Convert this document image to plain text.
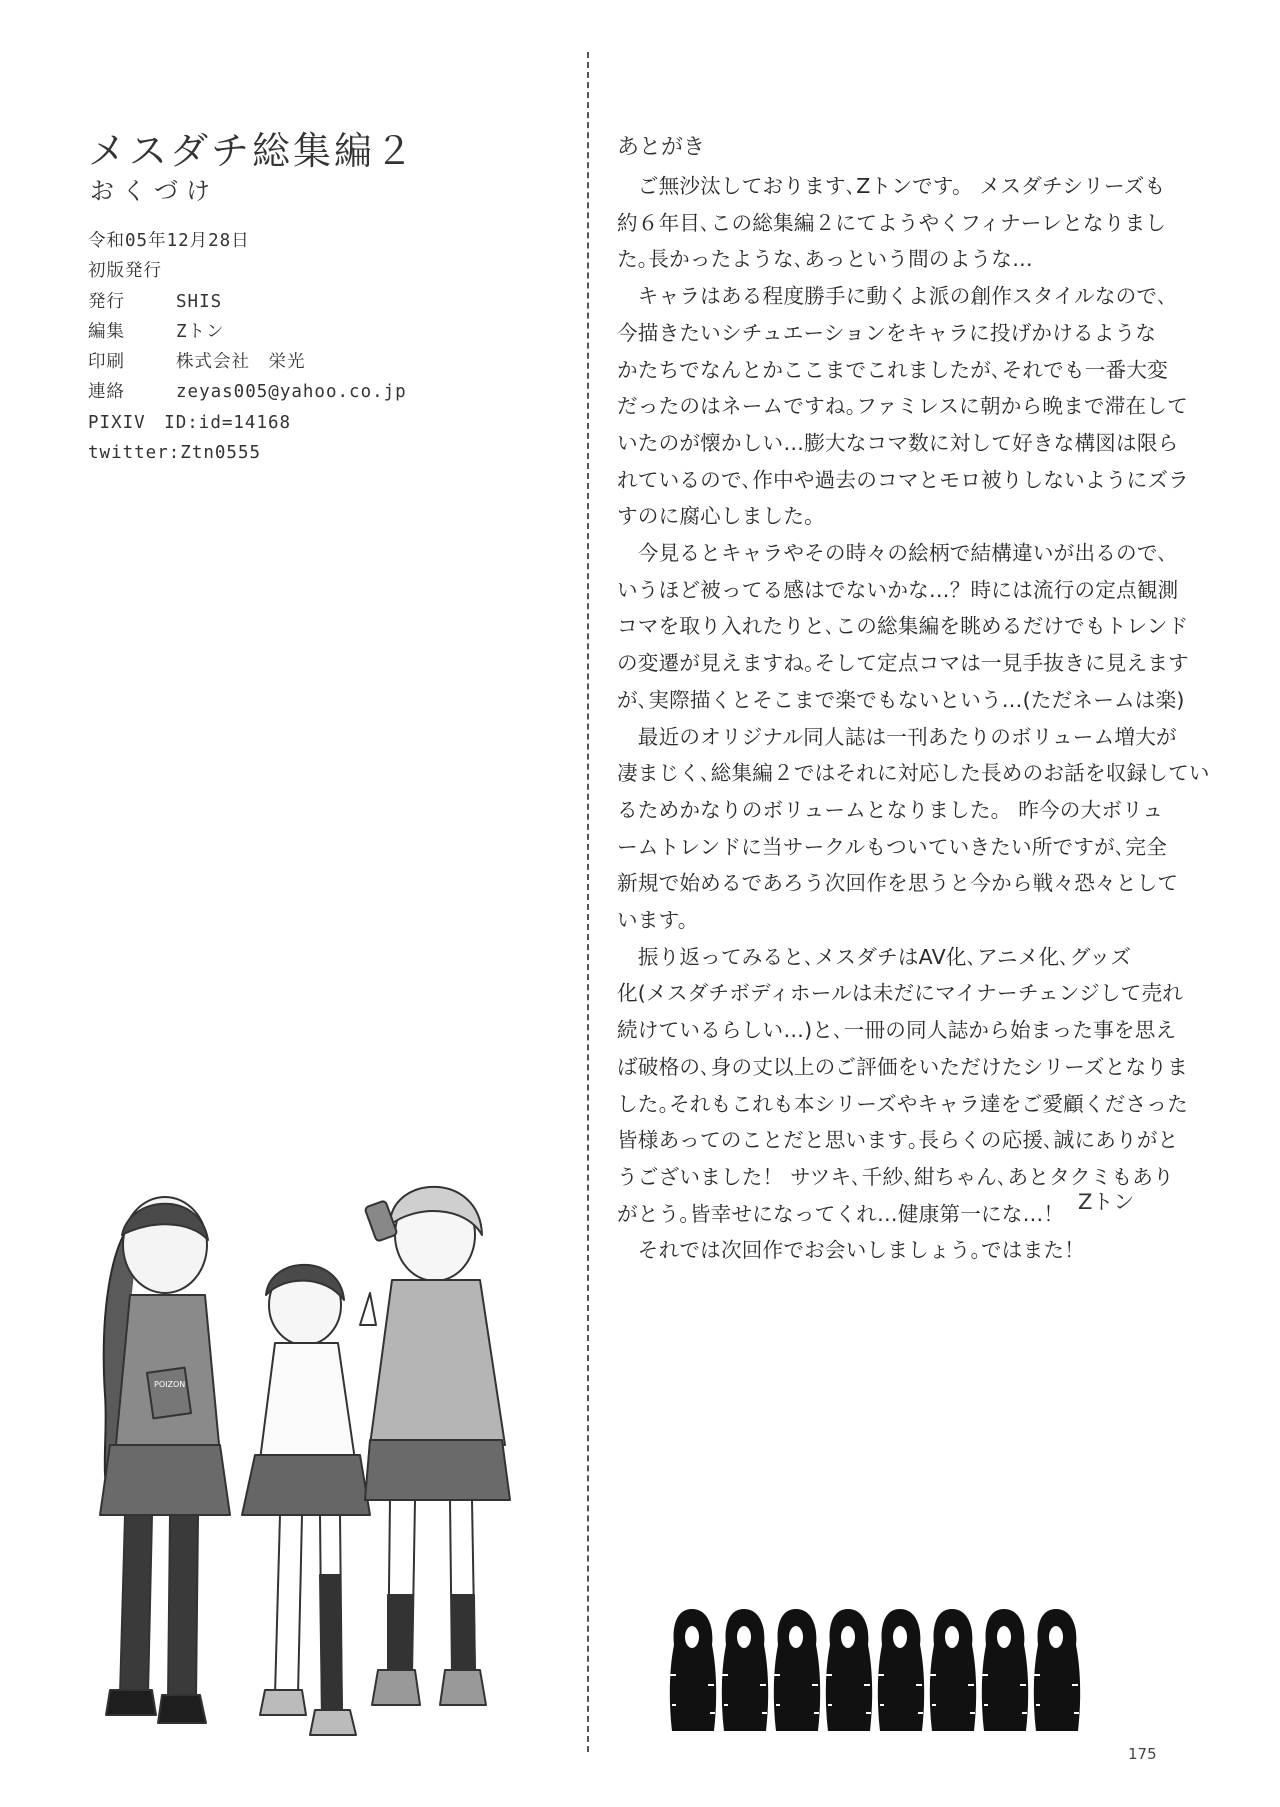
メスダチ総集編２
おくづけ
令和05年12月28日
初版発行
発行	SHIS
編集	Zトン
印刷	株式会社　栄光
連絡	zeyas005@yahoo.co.jp
PIXIV　ID:id=14168
twitter:Ztn0555
あとがき
　ご無沙汰しております､Zトンです。 メスダチシリーズも
約６年目､この総集編２にてようやくフィナーレとなりまし
た｡長かったような､あっという間のような…
　キャラはある程度勝手に動くよ派の創作スタイルなので､
今描きたいシチュエーションをキャラに投げかけるような
かたちでなんとかここまでこれましたが､それでも一番大変
だったのはネームですね｡ファミレスに朝から晩まで滞在して
いたのが懐かしい…膨大なコマ数に対して好きな構図は限ら
れているので､作中や過去のコマとモロ被りしないようにズラ
すのに腐心しました。
　今見るとキャラやその時々の絵柄で結構違いが出るので､
いうほど被ってる感はでないかな…？時には流行の定点観測
コマを取り入れたりと､この総集編を眺めるだけでもトレンド
の変遷が見えますね｡そして定点コマは一見手抜きに見えます
が､実際描くとそこまで楽でもないという…(ただネームは楽)
　最近のオリジナル同人誌は一刊あたりのボリューム増大が
凄まじく､総集編２ではそれに対応した長めのお話を収録してい
るためかなりのボリュームとなりました。 昨今の大ボリュ
ームトレンドに当サークルもついていきたい所ですが､完全
新規で始めるであろう次回作を思うと今から戦々恐々として
います。
　振り返ってみると､メスダチはAV化､アニメ化､グッズ
化(メスダチボディホールは未だにマイナーチェンジして売れ
続けているらしい…)と､一冊の同人誌から始まった事を思え
ば破格の､身の丈以上のご評価をいただけたシリーズとなりま
した｡それもこれも本シリーズやキャラ達をご愛顧くださった
皆様あってのことだと思います｡長らくの応援､誠にありがと
うございました！ サツキ､千紗､紺ちゃん､あとタクミもあり
がとう｡皆幸せになってくれ…健康第一にな…！
　それでは次回作でお会いしましょう｡ではまた！
Zトン
POIZON
175
